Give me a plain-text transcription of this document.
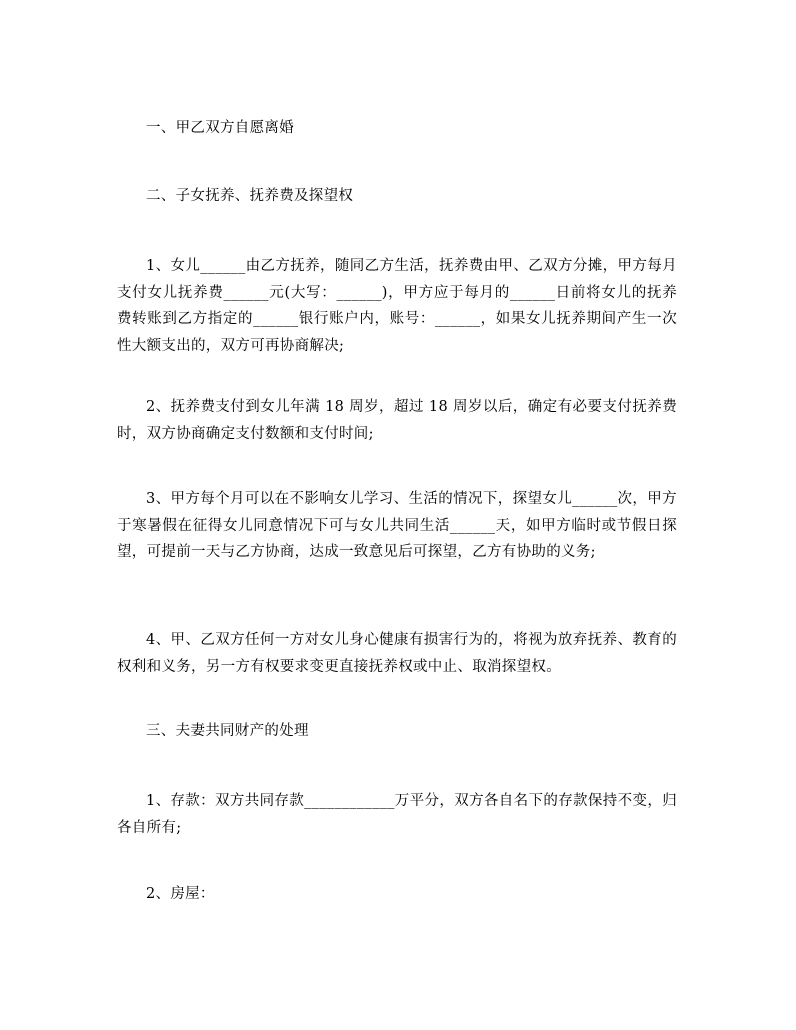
一、甲乙双方自愿离婚

二、子女抚养、抚养费及探望权

1、女儿______由乙方抚养，随同乙方生活，抚养费由甲、乙双方分摊，甲方每月支付女儿抚养费______元(大写：______)，甲方应于每月的______日前将女儿的抚养费转账到乙方指定的______银行账户内，账号：______，如果女儿抚养期间产生一次性大额支出的，双方可再协商解决;

2、抚养费支付到女儿年满 18 周岁，超过 18 周岁以后，确定有必要支付抚养费时，双方协商确定支付数额和支付时间;

3、甲方每个月可以在不影响女儿学习、生活的情况下，探望女儿______次，甲方于寒暑假在征得女儿同意情况下可与女儿共同生活______天，如甲方临时或节假日探望，可提前一天与乙方协商，达成一致意见后可探望，乙方有协助的义务;

4、甲、乙双方任何一方对女儿身心健康有损害行为的，将视为放弃抚养、教育的权利和义务，另一方有权要求变更直接抚养权或中止、取消探望权。

三、夫妻共同财产的处理

1、存款：双方共同存款____________万平分，双方各自名下的存款保持不变，归各自所有;

2、房屋：
